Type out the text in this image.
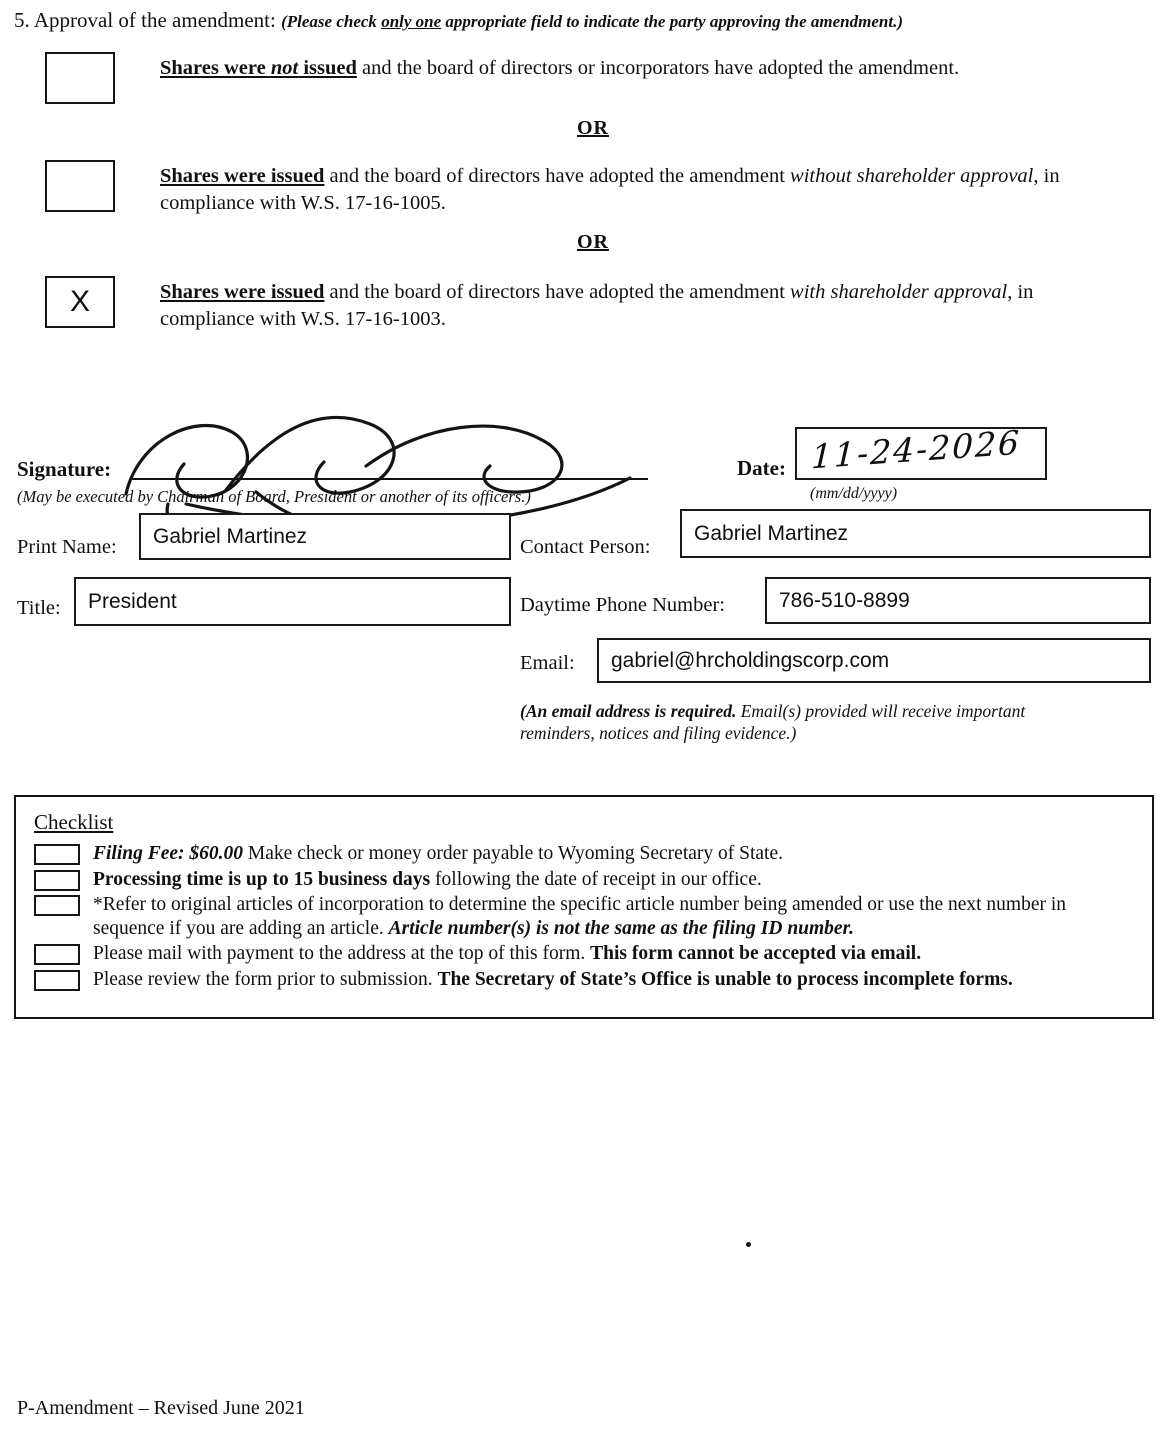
5. Approval of the amendment: (Please check only one appropriate field to indicate the party approving the amendment.)
Shares were not issued and the board of directors or incorporators have adopted the amendment.
OR
Shares were issued and the board of directors have adopted the amendment without shareholder approval, in compliance with W.S. 17-16-1005.
OR
X	Shares were issued and the board of directors have adopted the amendment with shareholder approval, in compliance with W.S. 17-16-1003.
Signature:
(May be executed by Chairman of Board, President or another of its officers.)
Date: 11-24-2026
(mm/dd/yyyy)
Print Name:	Gabriel Martinez	Contact Person:
Gabriel Martinez
Title:	President	Daytime Phone Number:	786-510-8899
Email:	gabriel@hrcholdingscorp.com
(An email address is required. Email(s) provided will receive important reminders, notices and filing evidence.)
Checklist
Filing Fee: $60.00 Make check or money order payable to Wyoming Secretary of State.
Processing time is up to 15 business days following the date of receipt in our office.
*Refer to original articles of incorporation to determine the specific article number being amended or use the next number in sequence if you are adding an article. Article number(s) is not the same as the filing ID number.
Please mail with payment to the address at the top of this form. This form cannot be accepted via email.
Please review the form prior to submission. The Secretary of State’s Office is unable to process incomplete forms.
P-Amendment – Revised June 2021
